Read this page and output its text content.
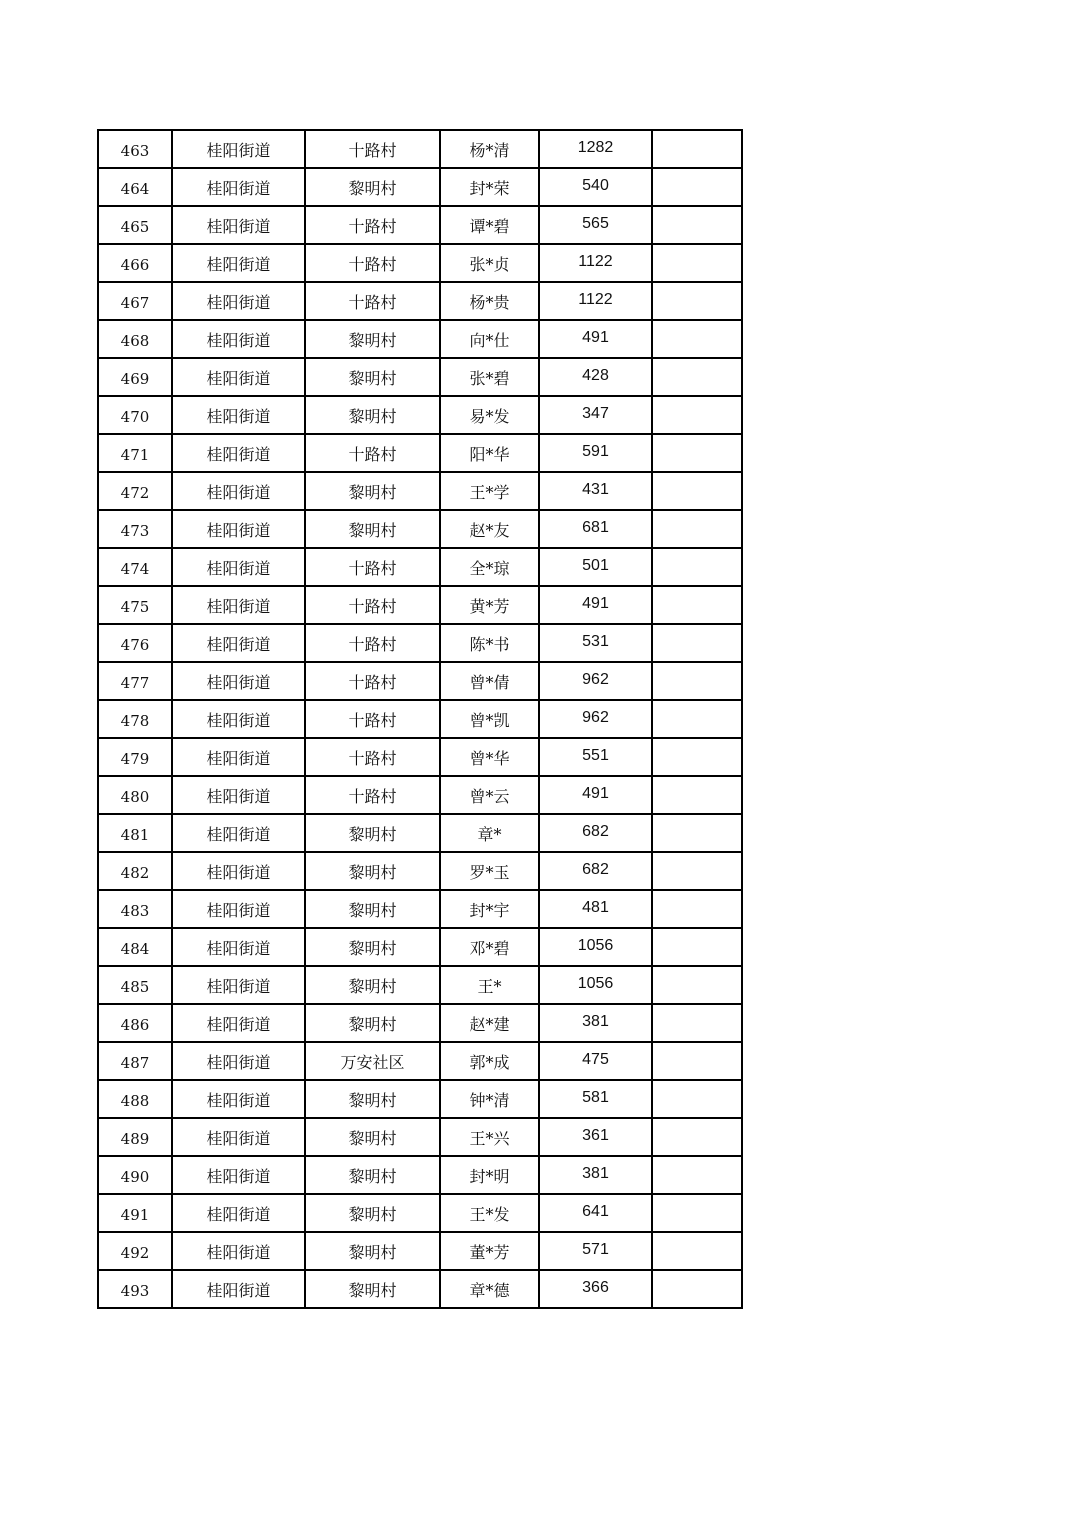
463	桂阳街道	十路村	杨*清	1282	
464	桂阳街道	黎明村	封*荣	540	
465	桂阳街道	十路村	谭*碧	565	
466	桂阳街道	十路村	张*贞	1122	
467	桂阳街道	十路村	杨*贵	1122	
468	桂阳街道	黎明村	向*仕	491	
469	桂阳街道	黎明村	张*碧	428	
470	桂阳街道	黎明村	易*发	347	
471	桂阳街道	十路村	阳*华	591	
472	桂阳街道	黎明村	王*学	431	
473	桂阳街道	黎明村	赵*友	681	
474	桂阳街道	十路村	全*琼	501	
475	桂阳街道	十路村	黄*芳	491	
476	桂阳街道	十路村	陈*书	531	
477	桂阳街道	十路村	曾*倩	962	
478	桂阳街道	十路村	曾*凯	962	
479	桂阳街道	十路村	曾*华	551	
480	桂阳街道	十路村	曾*云	491	
481	桂阳街道	黎明村	章*	682	
482	桂阳街道	黎明村	罗*玉	682	
483	桂阳街道	黎明村	封*宇	481	
484	桂阳街道	黎明村	邓*碧	1056	
485	桂阳街道	黎明村	王*	1056	
486	桂阳街道	黎明村	赵*建	381	
487	桂阳街道	万安社区	郭*成	475	
488	桂阳街道	黎明村	钟*清	581	
489	桂阳街道	黎明村	王*兴	361	
490	桂阳街道	黎明村	封*明	381	
491	桂阳街道	黎明村	王*发	641	
492	桂阳街道	黎明村	董*芳	571	
493	桂阳街道	黎明村	章*德	366	
